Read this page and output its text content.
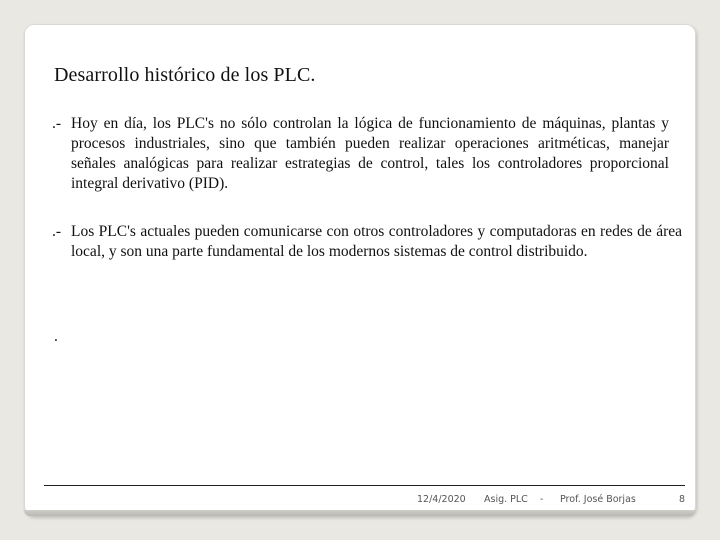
Desarrollo histórico de los PLC.

.- Hoy en día, los PLC's no sólo controlan la lógica de funcionamiento de máquinas, plantas y procesos industriales, sino que también pueden realizar operaciones aritméticas, manejar señales analógicas para realizar estrategias de control, tales los controladores proporcional integral derivativo (PID).

.- Los PLC's actuales pueden comunicarse con otros controladores y computadoras en redes de área local, y son una parte fundamental de los modernos sistemas de control distribuido.

.
12/4/2020 Asig. PLC - Prof. José Borjas	8
